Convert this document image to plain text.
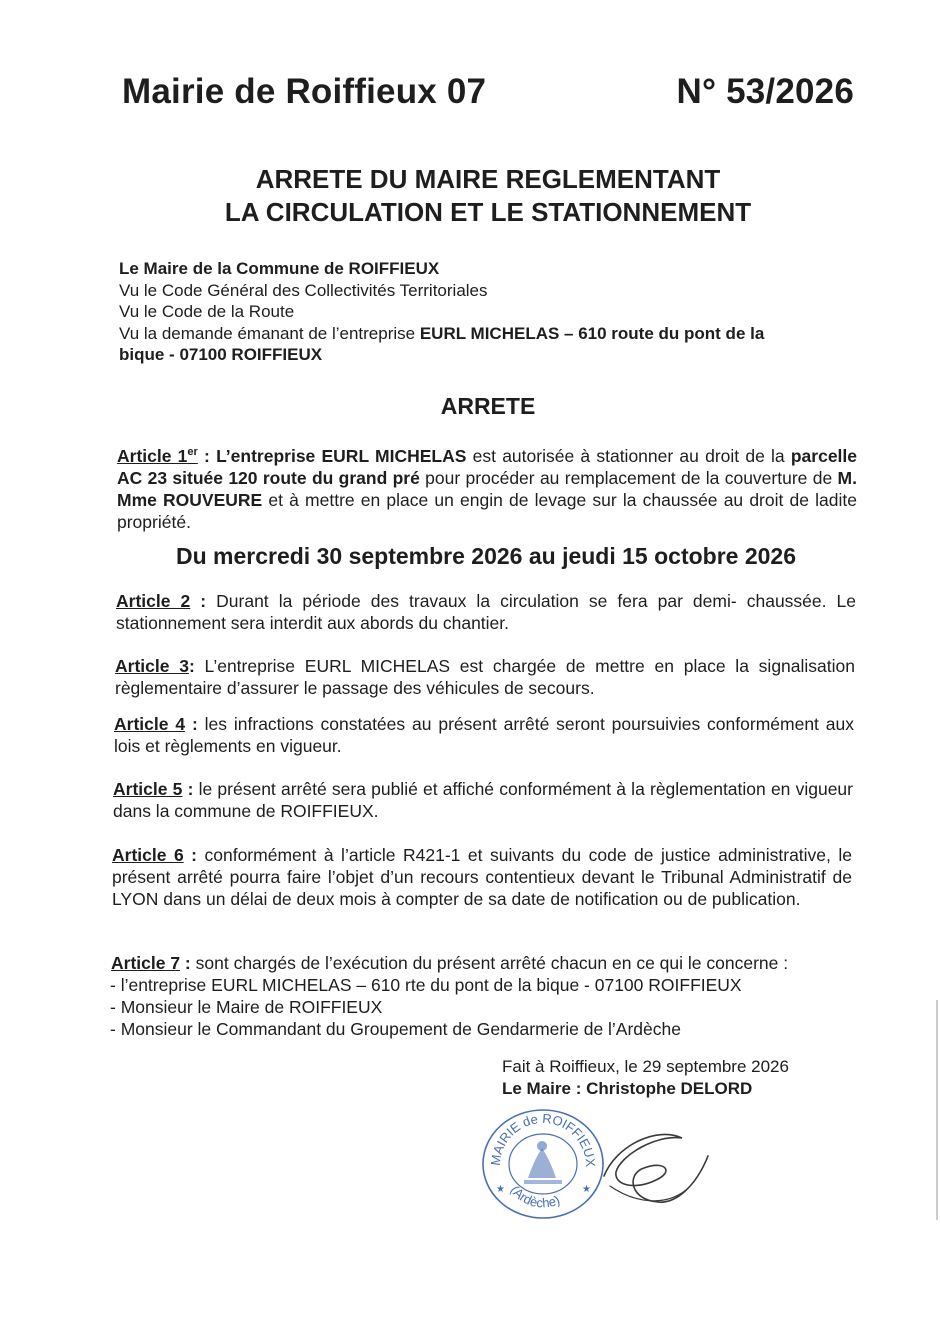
Mairie de Roiffieux 07	N° 53/2026
ARRETE DU MAIRE REGLEMENTANT
LA CIRCULATION ET LE STATIONNEMENT
Le Maire de la Commune de ROIFFIEUX
Vu le Code Général des Collectivités Territoriales
Vu le Code de la Route
Vu la demande émanant de l’entreprise EURL MICHELAS – 610 route du pont de la
bique - 07100 ROIFFIEUX
ARRETE
Article 1er : L’entreprise EURL MICHELAS est autorisée à stationner au droit de la parcelle AC 23 située 120 route du grand pré pour procéder au remplacement de la couverture de M. Mme ROUVEURE et à mettre en place un engin de levage sur la chaussée au droit de ladite propriété.
Du mercredi 30 septembre 2026 au jeudi 15 octobre 2026
Article 2 : Durant la période des travaux la circulation se fera par demi- chaussée. Le stationnement sera interdit aux abords du chantier.
Article 3: L’entreprise EURL MICHELAS est chargée de mettre en place la signalisation règlementaire d’assurer le passage des véhicules de secours.
Article 4 : les infractions constatées au présent arrêté seront poursuivies conformément aux lois et règlements en vigueur.
Article 5 : le présent arrêté sera publié et affiché conformément à la règlementation en vigueur dans la commune de ROIFFIEUX.
Article 6 : conformément à l’article R421-1 et suivants du code de justice administrative, le présent arrêté pourra faire l’objet d’un recours contentieux devant le Tribunal Administratif de LYON dans un délai de deux mois à compter de sa date de notification ou de publication.
Article 7 : sont chargés de l’exécution du présent arrêté chacun en ce qui le concerne :
- l’entreprise EURL MICHELAS – 610 rte du pont de la bique - 07100 ROIFFIEUX
- Monsieur le Maire de ROIFFIEUX
- Monsieur le Commandant du Groupement de Gendarmerie de l’Ardèche
Fait à Roiffieux, le 29 septembre 2026
Le Maire : Christophe DELORD
MAIRIE de ROIFFIEUX
(Ardèche)
★	★
